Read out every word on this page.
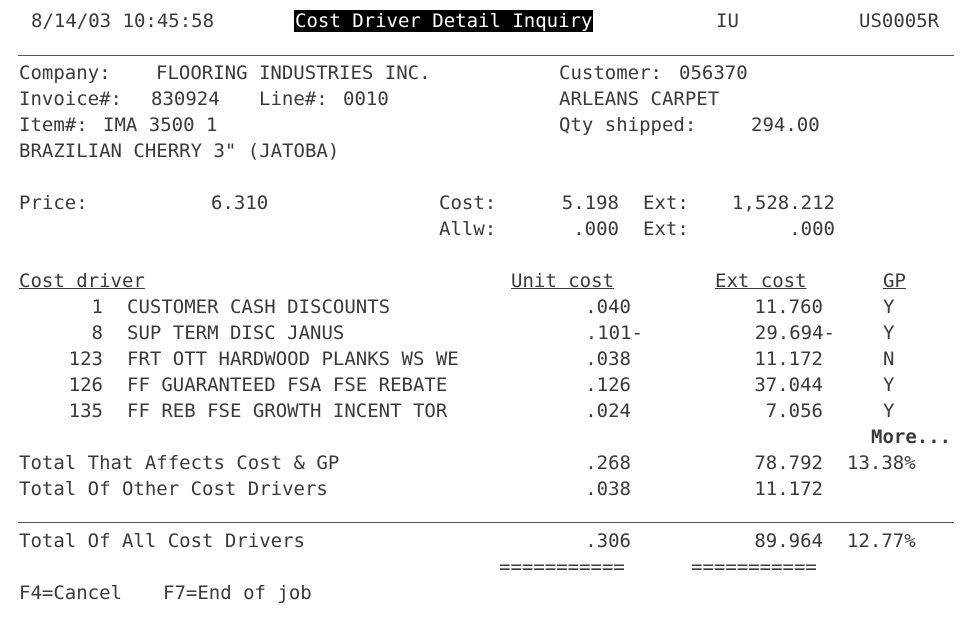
8/14/03 10:45:58	Cost Driver Detail Inquiry	IU	US0005R
Company: FLOORING INDUSTRIES INC.	Customer: 056370
Invoice#: 830924 Line#: 0010	ARLEANS CARPET
Item#: IMA 3500 1	Qty shipped:	294.00
BRAZILIAN CHERRY 3" (JATOBA)
Price:	6.310	Cost:	5.198 Ext:	1,528.212
Allw:	.000 Ext:	.000
Cost driver	Unit cost	Ext cost	GP
1 CUSTOMER CASH DISCOUNTS	.040	11.760	Y
8 SUP TERM DISC JANUS	.101-	29.694-	Y
123 FRT OTT HARDWOOD PLANKS WS WE	.038	11.172	N
126 FF GUARANTEED FSA FSE REBATE	.126	37.044	Y
135 FF REB FSE GROWTH INCENT TOR	.024	7.056	Y
More...
Total That Affects Cost & GP	.268	78.792 13.38%
Total Of Other Cost Drivers	.038	11.172
Total Of All Cost Drivers	.306	89.964 12.77%
===========	===========
F4=Cancel F7=End of job
